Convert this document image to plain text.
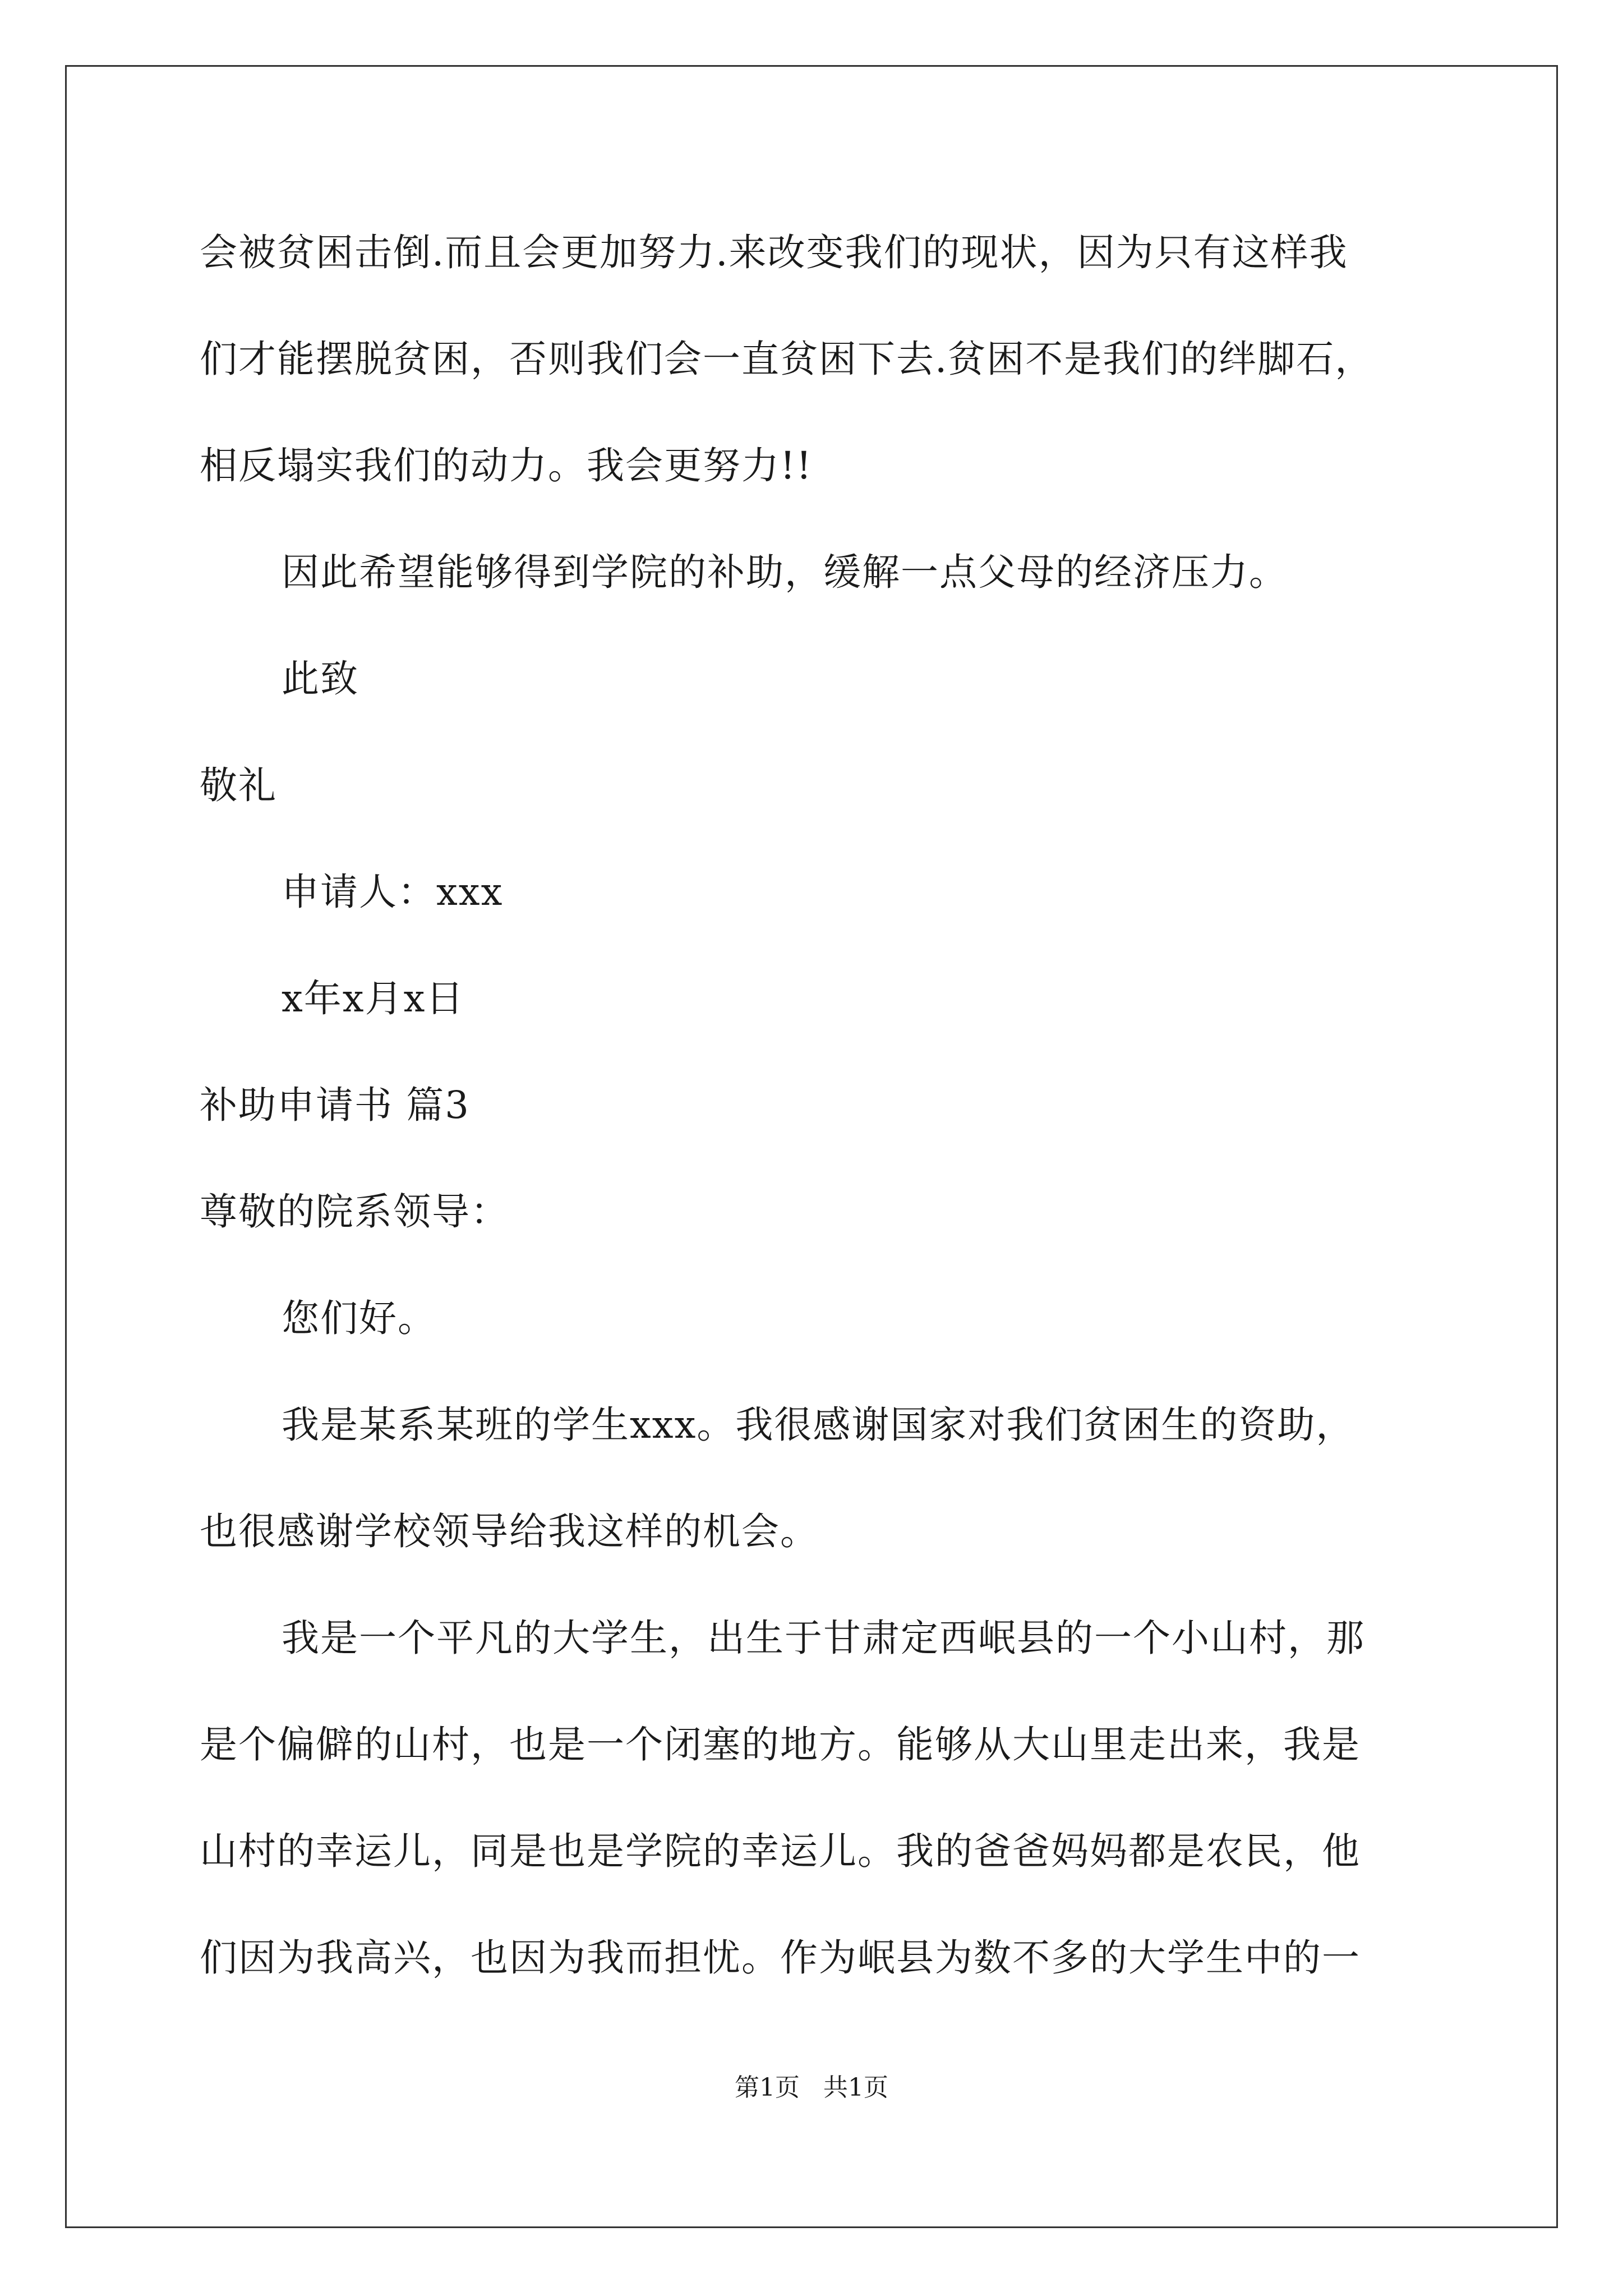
会被贫困击倒.而且会更加努力.来改变我们的现状，因为只有这样我
们才能摆脱贫困，否则我们会一直贫困下去.贫困不是我们的绊脚石，
相反塌实我们的动力。我会更努力!!
因此希望能够得到学院的补助，缓解一点父母的经济压力。
此致
敬礼
申请人：xxx
x年x月x日
补助申请书 篇3
尊敬的院系领导：
您们好。
我是某系某班的学生xxx。我很感谢国家对我们贫困生的资助，
也很感谢学校领导给我这样的机会。
我是一个平凡的大学生，出生于甘肃定西岷县的一个小山村，那
是个偏僻的山村，也是一个闭塞的地方。能够从大山里走出来，我是
山村的幸运儿，同是也是学院的幸运儿。我的爸爸妈妈都是农民，他
们因为我高兴，也因为我而担忧。作为岷县为数不多的大学生中的一
第1页   共1页
